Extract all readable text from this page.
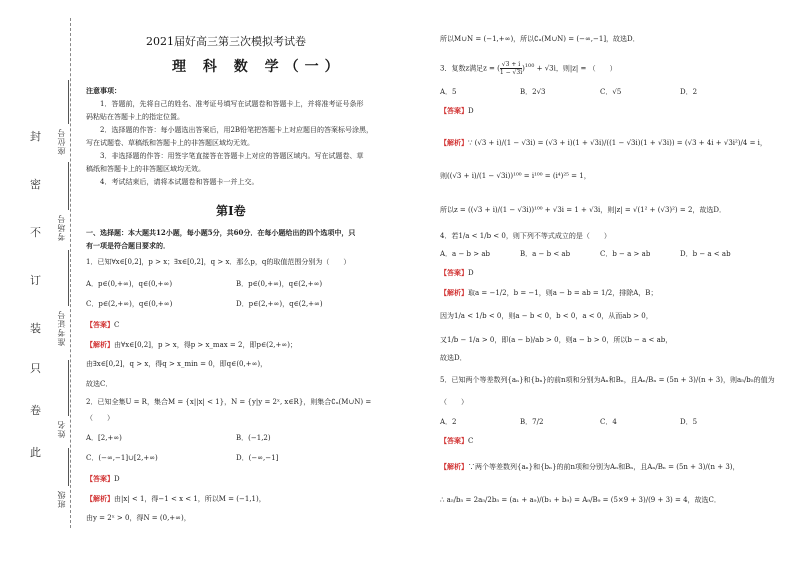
封
密
不
订
装
只
卷
此
座位号
考场号
准考证号
姓名
班级
2021届好高三第三次模拟考试卷
理 科 数 学（一）
注意事项：
1．答题前，先将自己的姓名、准考证号填写在试题卷和答题卡上，并将准考证号条形
码粘贴在答题卡上的指定位置。
2．选择题的作答：每小题选出答案后，用2B铅笔把答题卡上对应题目的答案标号涂黑，
写在试题卷、草稿纸和答题卡上的非答题区域均无效。
3．非选择题的作答：用签字笔直接答在答题卡上对应的答题区域内。写在试题卷、草
稿纸和答题卡上的非答题区域均无效。
4．考试结束后，请将本试题卷和答题卡一并上交。
第Ⅰ卷
一、选择题：本大题共12小题，每小题5分，共60分．在每小题给出的四个选项中，只
有一项是符合题目要求的．
1．已知∀x∈[0,2]，p > x；∃x∈[0,2]，q > x．那么p，q的取值范围分别为（　　）
A．p∈(0,+∞)，q∈(0,+∞)	B．p∈(0,+∞)，q∈(2,+∞)
C．p∈(2,+∞)，q∈(0,+∞)	D．p∈(2,+∞)，q∈(2,+∞)
【答案】C
【解析】由∀x∈[0,2]，p > x，得p > x_max = 2，即p∈(2,+∞)；
由∃x∈[0,2]，q > x，得q > x_min = 0，即q∈(0,+∞)，
故选C．
2．已知全集U = R，集合M = {x||x| < 1}，N = {y|y = 2ˣ, x∈R}，则集合∁ᵤ(M∪N) =
（　　）
A．[2,+∞)	B．(−1,2)
C．(−∞,−1]∪[2,+∞)	D．(−∞,−1]
【答案】D
【解析】由|x| < 1，得−1 < x < 1，所以M = (−1,1)，
由y = 2ˣ > 0，得N = (0,+∞)，
所以M∪N = (−1,+∞)，所以∁ᵤ(M∪N) = (−∞,−1]，故选D．
3．复数z满足z = ( $\frac{√3 + i}{1 - √3i} )^{100} + √3i$，则|z| = （　　）
A．5	B．2√3	C．√5	D．2
【答案】D
【解析】∵ (√3 + i)/(1 − √3i) = (√3 + i)(1 + √3i)/((1 − √3i)(1 + √3i)) = (√3 + 4i + √3i²)/4 = i，
则((√3 + i)/(1 − √3i))¹⁰⁰ = i¹⁰⁰ = (i⁴)²⁵ = 1，
所以z = ((√3 + i)/(1 − √3i))¹⁰⁰ + √3i = 1 + √3i，则|z| = √(1² + (√3)²) = 2，故选D．
4．若1/a < 1/b < 0，则下列不等式成立的是（　　）
A．a − b > ab	B．a − b < ab	C．b − a > ab	D．b − a < ab
【答案】D
【解析】取a = −1/2，b = −1，则a − b = ab = 1/2，排除A，B；
因为1/a < 1/b < 0，则a − b < 0，b < 0，a < 0，从而ab > 0，
又1/b − 1/a > 0，即(a − b)/ab > 0，则a − b > 0，所以b − a < ab，
故选D．
5．已知两个等差数列{aₙ}和{bₙ}的前n项和分别为Aₙ和Bₙ，且Aₙ/Bₙ = (5n + 3)/(n + 3)，则a₅/b₅的值为
（　　）
A．2	B．7/2	C．4	D．5
【答案】C
【解析】∵两个等差数列{aₙ}和{bₙ}的前n项和分别为Aₙ和Bₙ，且Aₙ/Bₙ = (5n + 3)/(n + 3)，
∴ a₅/b₅ = 2a₅/2b₅ = (a₁ + a₉)/(b₁ + b₉) = A₉/B₉ = (5×9 + 3)/(9 + 3) = 4，故选C．
